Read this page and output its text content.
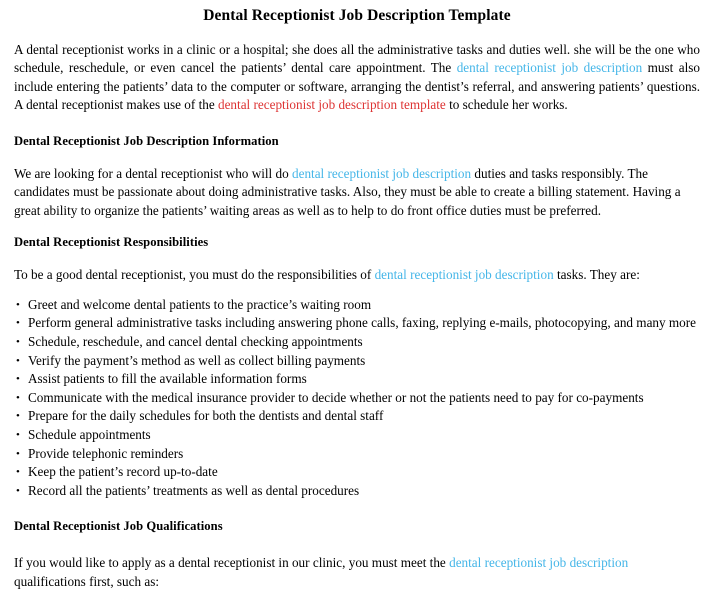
Dental Receptionist Job Description Template

A dental receptionist works in a clinic or a hospital; she does all the administrative tasks and duties well. she will be the one who schedule, reschedule, or even cancel the patients’ dental care appointment. The dental receptionist job description must also include entering the patients’ data to the computer or software, arranging the dentist’s referral, and answering patients’ questions. A dental receptionist makes use of the dental receptionist job description template to schedule her works.

Dental Receptionist Job Description Information

We are looking for a dental receptionist who will do dental receptionist job description duties and tasks responsibly. The candidates must be passionate about doing administrative tasks. Also, they must be able to create a billing statement. Having a great ability to organize the patients’ waiting areas as well as to help to do front office duties must be preferred.

Dental Receptionist Responsibilities

To be a good dental receptionist, you must do the responsibilities of dental receptionist job description tasks. They are:

• Greet and welcome dental patients to the practice’s waiting room
• Perform general administrative tasks including answering phone calls, faxing, replying e-mails, photocopying, and many more
• Schedule, reschedule, and cancel dental checking appointments
• Verify the payment’s method as well as collect billing payments
• Assist patients to fill the available information forms
• Communicate with the medical insurance provider to decide whether or not the patients need to pay for co-payments
• Prepare for the daily schedules for both the dentists and dental staff
• Schedule appointments
• Provide telephonic reminders
• Keep the patient’s record up-to-date
• Record all the patients’ treatments as well as dental procedures
Dental Receptionist Job Qualifications

If you would like to apply as a dental receptionist in our clinic, you must meet the dental receptionist job description qualifications first, such as:
